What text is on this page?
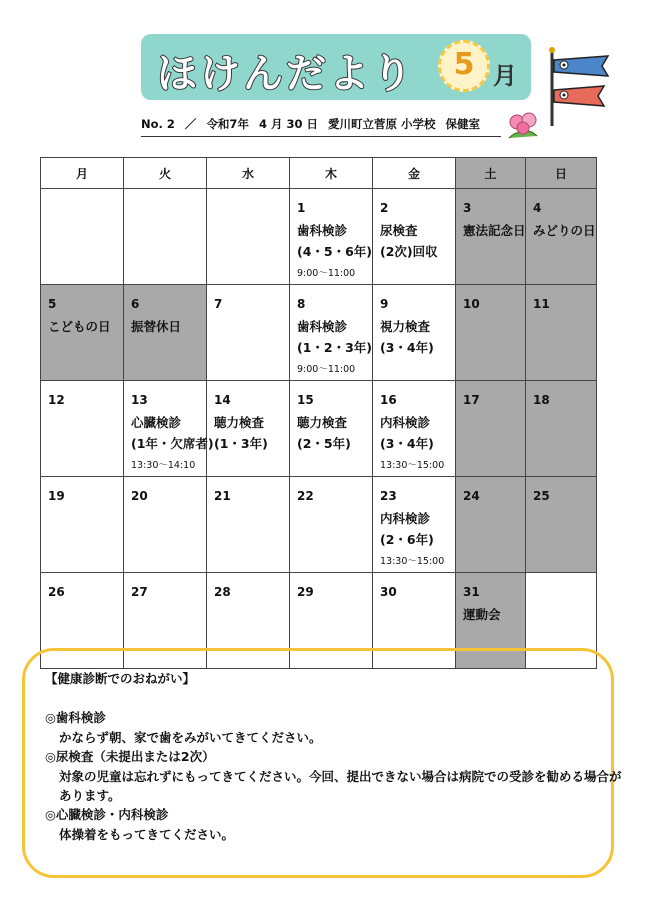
ほけんだより	5 月
No. 2 ／ 令和7年 4 月 30 日 愛川町立菅原 小学校 保健室
月	火	水	木	金	土	日

			1
歯科検診
(4・5・6年)
9:00～11:00	2
尿検査
(2次)回収	3
憲法記念日	4
みどりの日

5
こどもの日	6
振替休日	7	8
歯科検診
(1・2・3年)
9:00～11:00	9
視力検査
(3・4年)	10	11

12	13
心臓検診
(1年・欠席者)
13:30～14:10	14
聴力検査
(1・3年)	15
聴力検査
(2・5年)	16
内科検診
(3・4年)
13:30～15:00	17	18

19	20	21	22	23
内科検診
(2・6年)
13:30～15:00	24	25

26	27	28	29	30	31
運動会	

【健康診断でのおねがい】
◎歯科検診
かならず朝、家で歯をみがいてきてください。
◎尿検査（未提出または2次）
対象の児童は忘れずにもってきてください。今回、提出できない場合は病院での受診を勧める場合が
あります。
◎心臓検診・内科検診
体操着をもってきてください。
